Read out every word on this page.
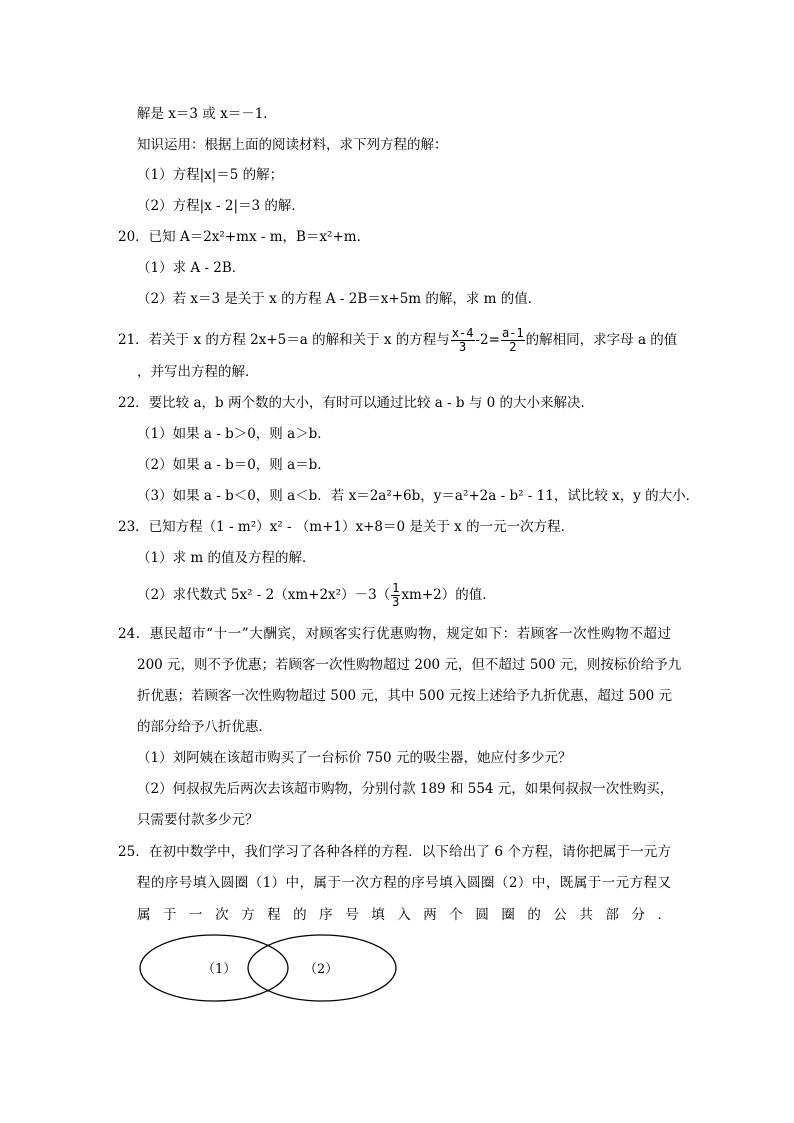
解是 x＝3 或 x＝－1．
知识运用：根据上面的阅读材料，求下列方程的解：
（1）方程|x|＝5 的解；
（2）方程|x - 2|＝3 的解．
20．已知 A＝2x²+mx - m，B＝x²+m．
（1）求 A - 2B．
（2）若 x＝3 是关于 x 的方程 A - 2B＝x+5m 的解，求 m 的值．
21．若关于 x 的方程 2x+5＝a 的解和关于 x 的方程与 $\frac{x-4}{3} -2= \frac{a-1}{2}$ 的解相同，求字母 a 的值
，并写出方程的解．
22．要比较 a，b 两个数的大小，有时可以通过比较 a - b 与 0 的大小来解决．
（1）如果 a - b＞0，则 a＞b．
（2）如果 a - b＝0，则 a＝b．
（3）如果 a - b＜0，则 a＜b．若 x＝2a²+6b，y＝a²+2a - b² - 11，试比较 x，y 的大小．
23．已知方程（1 - m²）x² - （m+1）x+8＝0 是关于 x 的一元一次方程．
（1）求 m 的值及方程的解．
（2）求代数式 $5x^2 - 2(xm+2x^2)-3( \frac{1}{3} xm+2)$的值．
24．惠民超市“十一”大酬宾，对顾客实行优惠购物，规定如下：若顾客一次性购物不超过
200 元，则不予优惠；若顾客一次性购物超过 200 元，但不超过 500 元，则按标价给予九
折优惠；若顾客一次性购物超过 500 元，其中 500 元按上述给予九折优惠，超过 500 元
的部分给予八折优惠．
（1）刘阿姨在该超市购买了一台标价 750 元的吸尘器，她应付多少元？
（2）何叔叔先后两次去该超市购物，分别付款 189 和 554 元，如果何叔叔一次性购买，
只需要付款多少元？
25．在初中数学中，我们学习了各种各样的方程．以下给出了 6 个方程，请你把属于一元方
程的序号填入圆圈（1）中，属于一次方程的序号填入圆圈（2）中，既属于一元方程又
属于一次方程的序号填入两个圆圈的公共部分．
（1）	（2）
